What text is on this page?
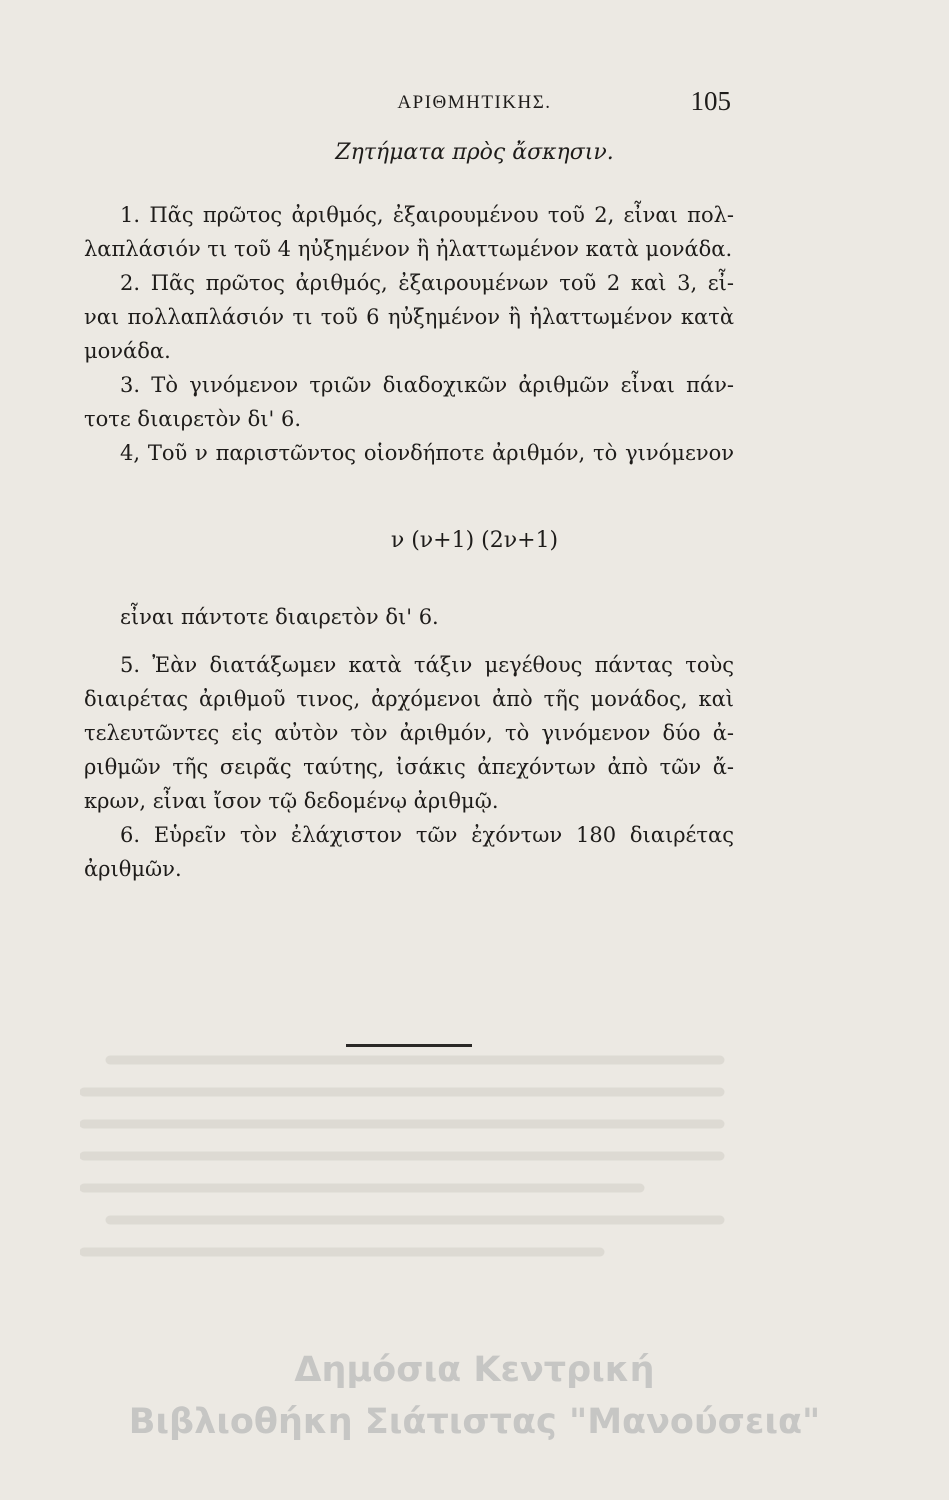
ΑΡΙΘΜΗΤΙΚΗΣ.	105
Ζητήματα πρὸς ἄσκησιν.
1. Πᾶς πρῶτος ἀριθμός, ἐξαιρουμένου τοῦ 2, εἶναι πολ-
λαπλάσιόν τι τοῦ 4 ηὐξημένον ἢ ἠλαττωμένον κατὰ μονάδα.
2. Πᾶς πρῶτος ἀριθμός, ἐξαιρουμένων τοῦ 2 καὶ 3, εἶ-
ναι πολλαπλάσιόν τι τοῦ 6 ηὐξημένον ἢ ἠλαττωμένον κατὰ
μονάδα.
3. Τὸ γινόμενον τριῶν διαδοχικῶν ἀριθμῶν εἶναι πάν-
τοτε διαιρετὸν δι' 6.
4, Τοῦ ν παριστῶντος οἱονδήποτε ἀριθμόν, τὸ γινόμενον
ν (ν+1) (2ν+1)
εἶναι πάντοτε διαιρετὸν δι' 6.
5. Ἐὰν διατάξωμεν κατὰ τάξιν μεγέθους πάντας τοὺς
διαιρέτας ἀριθμοῦ τινος, ἀρχόμενοι ἀπὸ τῆς μονάδος, καὶ
τελευτῶντες εἰς αὐτὸν τὸν ἀριθμόν, τὸ γινόμενον δύο ἀ-
ριθμῶν τῆς σειρᾶς ταύτης, ἰσάκις ἀπεχόντων ἀπὸ τῶν ἄ-
κρων, εἶναι ἴσον τῷ δεδομένῳ ἀριθμῷ.
6. Εὑρεῖν τὸν ἐλάχιστον τῶν ἐχόντων 180 διαιρέτας
ἀριθμῶν.
Δημόσια Κεντρική
Βιβλιοθήκη Σιάτιστας "Μανούσεια"
